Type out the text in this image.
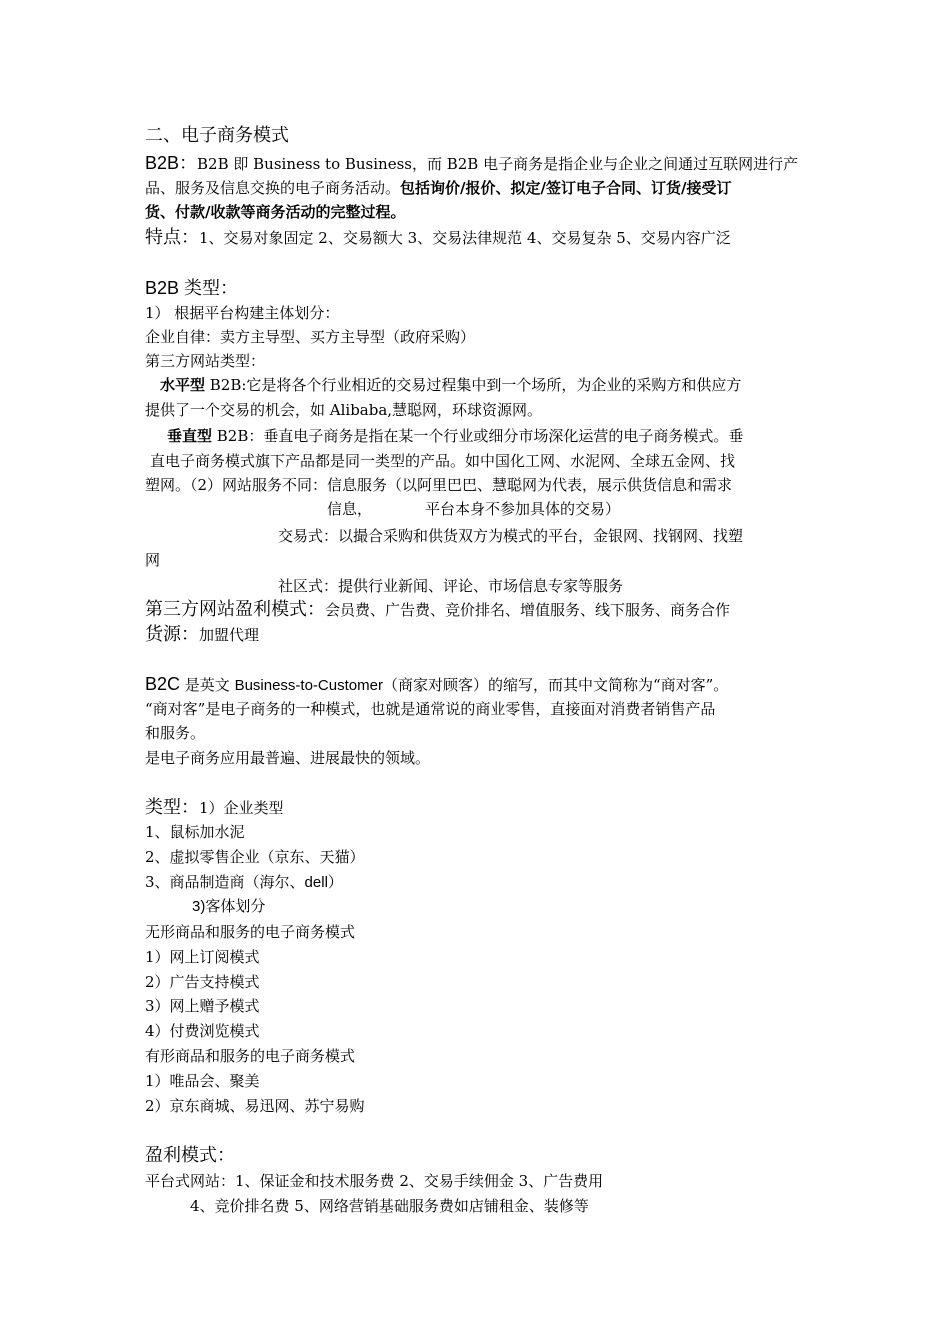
二、电子商务模式
B2B：B2B 即 Business to Business，而 B2B 电子商务是指企业与企业之间通过互联网进行产
品、服务及信息交换的电子商务活动。包括询价/报价、拟定/签订电子合同、订货/接受订
货、付款/收款等商务活动的完整过程。
特点：1、交易对象固定 2、交易额大 3、交易法律规范 4、交易复杂 5、交易内容广泛
B2B 类型：
1） 根据平台构建主体划分：
企业自律：卖方主导型、买方主导型（政府采购）
第三方网站类型：
水平型 B2B:它是将各个行业相近的交易过程集中到一个场所，为企业的采购方和供应方
提供了一个交易的机会，如 Alibaba,慧聪网，环球资源网。
垂直型 B2B：垂直电子商务是指在某一个行业或细分市场深化运营的电子商务模式。垂
直电子商务模式旗下产品都是同一类型的产品。如中国化工网、水泥网、全球五金网、找
塑网。（2）网站服务不同：信息服务（以阿里巴巴、慧聪网为代表，展示供货信息和需求
信息，	平台本身不参加具体的交易）
交易式：以撮合采购和供货双方为模式的平台，金银网、找钢网、找塑
网
社区式：提供行业新闻、评论、市场信息专家等服务
第三方网站盈利模式：会员费、广告费、竞价排名、增值服务、线下服务、商务合作
货源：加盟代理
B2C 是英文 Business-to-Customer（商家对顾客）的缩写，而其中文简称为“商对客”。
“商对客”是电子商务的一种模式，也就是通常说的商业零售，直接面对消费者销售产品
和服务。
是电子商务应用最普遍、进展最快的领域。
类型：1）企业类型
1、鼠标加水泥
2、虚拟零售企业（京东、天猫）
3、商品制造商（海尔、dell）
3)客体划分
无形商品和服务的电子商务模式
1）网上订阅模式
2）广告支持模式
3）网上赠予模式
4）付费浏览模式
有形商品和服务的电子商务模式
1）唯品会、聚美
2）京东商城、易迅网、苏宁易购
盈利模式：
平台式网站：1、保证金和技术服务费 2、交易手续佣金 3、广告费用
4、竞价排名费 5、网络营销基础服务费如店铺租金、装修等
